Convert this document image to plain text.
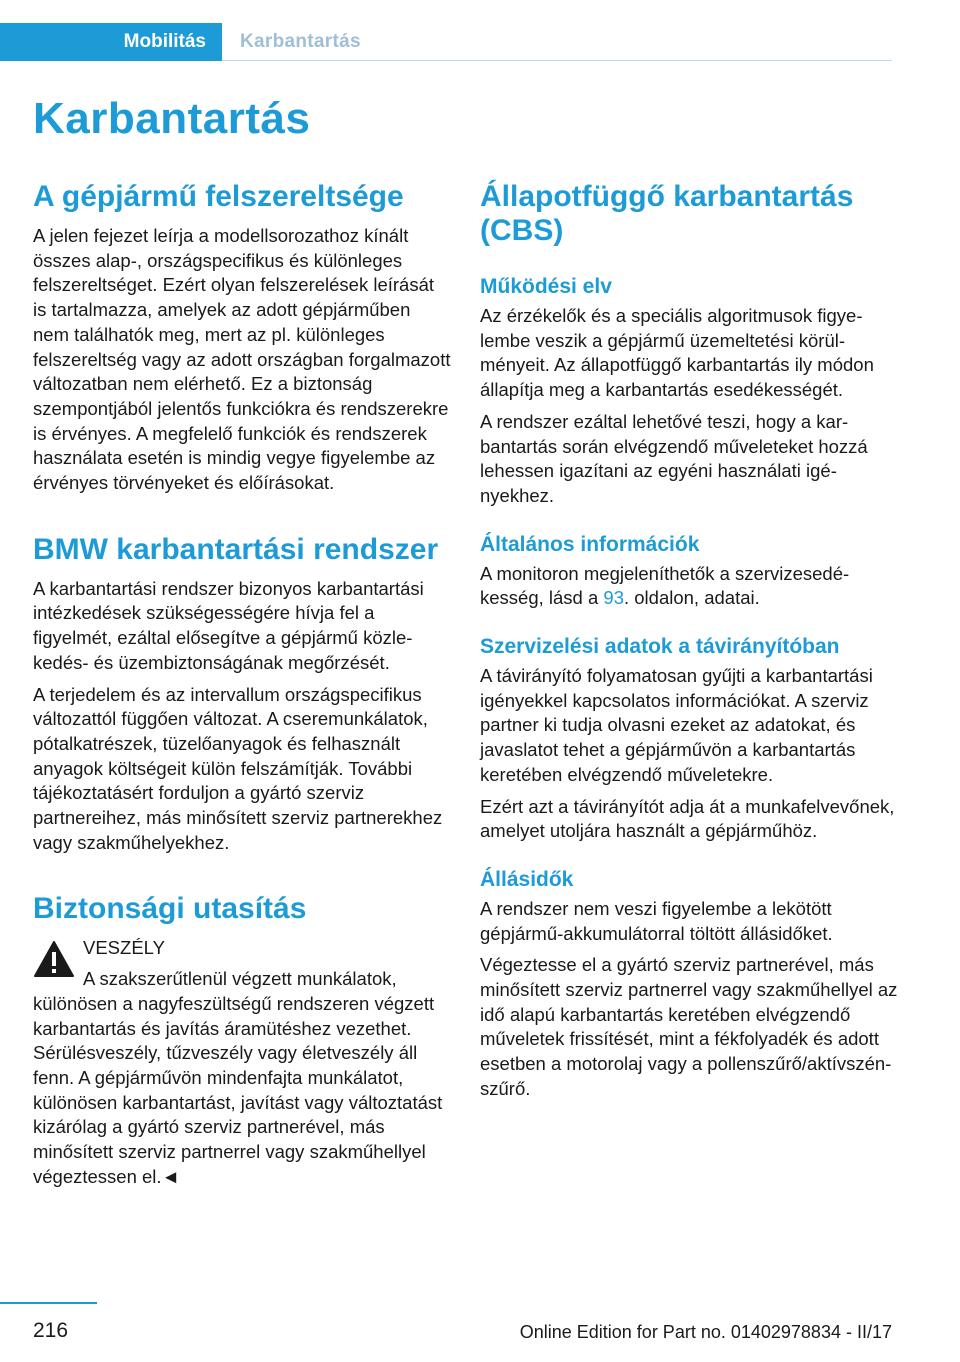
Mobilitás Karbantartás
Karbantartás
A gépjármű felszereltsége

A jelen fejezet leírja a modellsorozathoz kínált összes alap-, országspecifikus és különleges felszereltséget. Ezért olyan felszerelések leírását is tartalmazza, amelyek az adott gépjárműben nem találhatók meg, mert az pl. különleges felszereltség vagy az adott országban forgalmazott változatban nem elérhető. Ez a biztonság szempontjából jelentős funkciókra és rendszerekre is érvényes. A megfelelő funkciók és rendszerek használata esetén is mindig vegye figyelembe az érvényes törvényeket és előírásokat.

BMW karbantartási rendszer

A karbantartási rendszer bizonyos karbantartási intézkedések szükségességére hívja fel a figyelmét, ezáltal elősegítve a gépjármű közlekedés- és üzembiztonságának megőrzését.

A terjedelem és az intervallum országspecifikus változattól függően változat. A cseremunkálatok, pótalkatrészek, tüzelőanyagok és felhasznált anyagok költségeit külön felszámítják. További tájékoztatásért forduljon a gyártó szerviz partnereihez, más minősített szerviz partnerekhez vagy szakműhelyekhez.

Biztonsági utasítás

VESZÉLY

A szakszerűtlenül végzett munkálatok, különösen a nagyfeszültségű rendszeren végzett karbantartás és javítás áramütéshez vezethet. Sérülésveszély, tűzveszély vagy életveszély áll fenn. A gépjárművön mindenfajta munkálatot, különösen karbantartást, javítást vagy változtatást kizárólag a gyártó szerviz partnerével, más minősített szerviz partnerrel vagy szakműhellyel végeztessen el.◄

Állapotfüggő karbantartás (CBS)
Működési elv

Az érzékelők és a speciális algoritmusok figyelembe veszik a gépjármű üzemeltetési körülményeit. Az állapotfüggő karbantartás ily módon állapítja meg a karbantartás esedékességét.

A rendszer ezáltal lehetővé teszi, hogy a karbantartás során elvégzendő műveleteket hozzá lehessen igazítani az egyéni használati igényekhez.

Általános információk

A monitoron megjeleníthetők a szervizesedékesség, lásd a 93. oldalon, adatai.

Szervizelési adatok a távirányítóban

A távirányító folyamatosan gyűjti a karbantartási igényekkel kapcsolatos információkat. A szerviz partner ki tudja olvasni ezeket az adatokat, és javaslatot tehet a gépjárművön a karbantartás keretében elvégzendő műveletekre.

Ezért azt a távirányítót adja át a munkafelvevőnek, amelyet utoljára használt a gépjárműhöz.

Állásidők

A rendszer nem veszi figyelembe a lekötött gépjármű-akkumulátorral töltött állásidőket.

Végeztesse el a gyártó szerviz partnerével, más minősített szerviz partnerrel vagy szakműhellyel az idő alapú karbantartás keretében elvégzendő műveletek frissítését, mint a fékfolyadék és adott esetben a motorolaj vagy a pollenszűrő/aktívszén-szűrő.

216	Online Edition for Part no. 01402978834 - II/17
